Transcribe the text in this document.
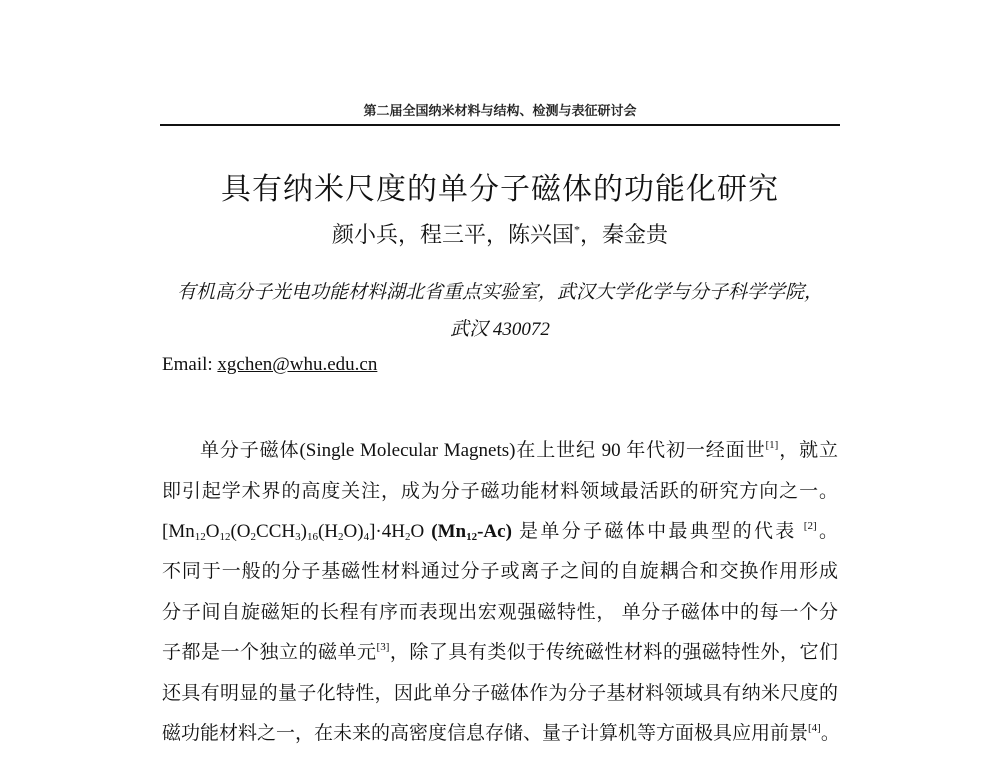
第二届全国纳米材料与结构、检测与表征研讨会
具有纳米尺度的单分子磁体的功能化研究
颜小兵，程三平，陈兴国*，秦金贵
有机高分子光电功能材料湖北省重点实验室，武汉大学化学与分子科学学院，
武汉 430072
Email: xgchen@whu.edu.cn
单分子磁体(Single Molecular Magnets)在上世纪 90 年代初一经面世[1]，就立
即引起学术界的高度关注，成为分子磁功能材料领域最活跃的研究方向之一。
$[Mn_{12}O_{12}(O_2CCH_3)_{16}(H_2O)_4]\cdot 4H_2O$ $(Mn_{12}-Ac)$ 是单分子磁体中最典型的代表 [2]。
不同于一般的分子基磁性材料通过分子或离子之间的自旋耦合和交换作用形成
分子间自旋磁矩的长程有序而表现出宏观强磁特性， 单分子磁体中的每一个分
子都是一个独立的磁单元[3]，除了具有类似于传统磁性材料的强磁特性外，它们
还具有明显的量子化特性，因此单分子磁体作为分子基材料领域具有纳米尺度的
磁功能材料之一，在未来的高密度信息存储、量子计算机等方面极具应用前景[4]。
